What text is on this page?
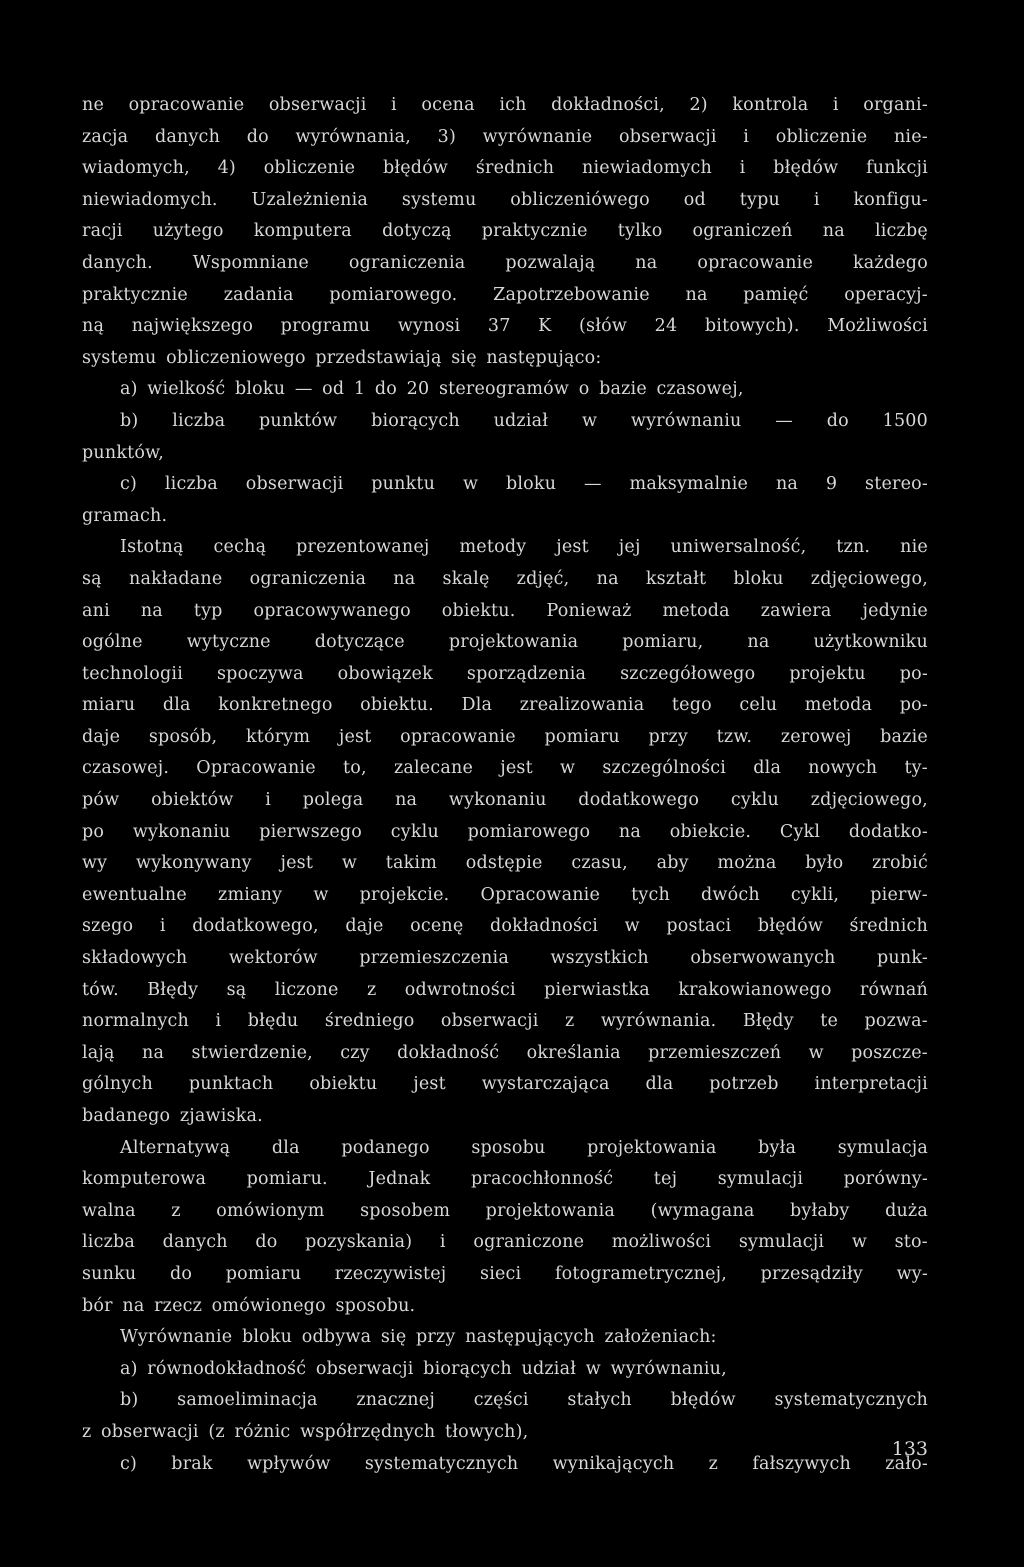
ne opracowanie obserwacji i ocena ich dokładności, 2) kontrola i organi-
zacja danych do wyrównania, 3) wyrównanie obserwacji i obliczenie nie-
wiadomych, 4) obliczenie błędów średnich niewiadomych i błędów funkcji
niewiadomych. Uzależnienia systemu obliczeniówego od typu i konfigu-
racji użytego komputera dotyczą praktycznie tylko ograniczeń na liczbę
danych. Wspomniane ograniczenia pozwalają na opracowanie każdego
praktycznie zadania pomiarowego. Zapotrzebowanie na pamięć operacyj-
ną największego programu wynosi 37 K (słów 24 bitowych). Możliwości
systemu obliczeniowego przedstawiają się następująco:
a) wielkość bloku — od 1 do 20 stereogramów o bazie czasowej,
b) liczba punktów biorących udział w wyrównaniu — do 1500
punktów,
c) liczba obserwacji punktu w bloku — maksymalnie na 9 stereo-
gramach.
Istotną cechą prezentowanej metody jest jej uniwersalność, tzn. nie
są nakładane ograniczenia na skalę zdjęć, na kształt bloku zdjęciowego,
ani na typ opracowywanego obiektu. Ponieważ metoda zawiera jedynie
ogólne	wytyczne	dotyczące	projektowania	pomiaru,	na	użytkowniku
technologii spoczywa obowiązek sporządzenia szczegółowego projektu po-
miaru dla konkretnego obiektu. Dla zrealizowania tego celu metoda po-
daje sposób, którym jest opracowanie pomiaru przy tzw. zerowej bazie
czasowej. Opracowanie to, zalecane jest w szczególności dla nowych ty-
pów obiektów i polega na wykonaniu dodatkowego cyklu zdjęciowego,
po wykonaniu pierwszego cyklu pomiarowego na obiekcie. Cykl dodatko-
wy wykonywany jest w takim odstępie czasu, aby można było zrobić
ewentualne zmiany w projekcie. Opracowanie tych dwóch cykli, pierw-
szego i dodatkowego, daje ocenę dokładności w postaci błędów średnich
składowych wektorów przemieszczenia wszystkich obserwowanych punk-
tów. Błędy są liczone z odwrotności pierwiastka krakowianowego równań
normalnych i błędu średniego obserwacji z wyrównania. Błędy te pozwa-
lają na stwierdzenie, czy dokładność określania przemieszczeń w poszcze-
gólnych punktach obiektu jest wystarczająca dla potrzeb interpretacji
badanego zjawiska.
Alternatywą dla podanego sposobu projektowania była symulacja
komputerowa pomiaru. Jednak pracochłonność tej symulacji porówny-
walna z omówionym sposobem projektowania (wymagana byłaby duża
liczba danych do pozyskania) i ograniczone możliwości symulacji w sto-
sunku do pomiaru rzeczywistej sieci fotogrametrycznej, przesądziły wy-
bór na rzecz omówionego sposobu.
Wyrównanie bloku odbywa się przy następujących założeniach:
a) równodokładność obserwacji biorących udział w wyrównaniu,
b) samoeliminacja znacznej części stałych błędów systematycznych
z obserwacji (z różnic współrzędnych tłowych),
c) brak wpływów systematycznych wynikających z fałszywych zało-
133
